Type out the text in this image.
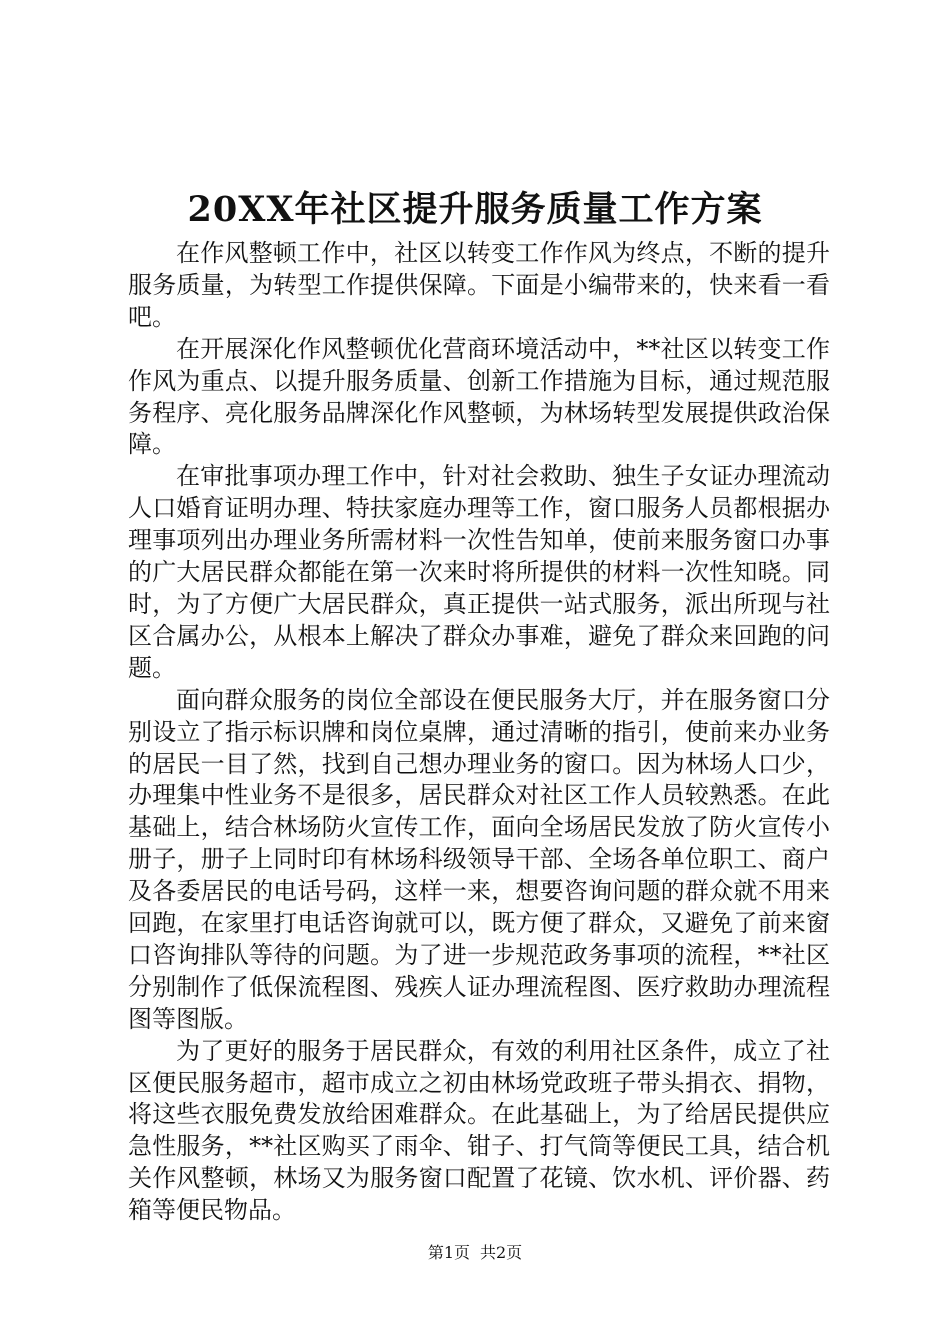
20XX年社区提升服务质量工作方案

在作风整顿工作中，社区以转变工作作风为终点，不断的提升服务质量，为转型工作提供保障。下面是小编带来的，快来看一看吧。

在开展深化作风整顿优化营商环境活动中，**社区以转变工作作风为重点、以提升服务质量、创新工作措施为目标，通过规范服务程序、亮化服务品牌深化作风整顿，为林场转型发展提供政治保障。

在审批事项办理工作中，针对社会救助、独生子女证办理流动人口婚育证明办理、特扶家庭办理等工作，窗口服务人员都根据办理事项列出办理业务所需材料一次性告知单，使前来服务窗口办事的广大居民群众都能在第一次来时将所提供的材料一次性知晓。同时，为了方便广大居民群众，真正提供一站式服务，派出所现与社区合属办公，从根本上解决了群众办事难，避免了群众来回跑的问题。

面向群众服务的岗位全部设在便民服务大厅，并在服务窗口分别设立了指示标识牌和岗位桌牌，通过清晰的指引，使前来办业务的居民一目了然，找到自己想办理业务的窗口。因为林场人口少，办理集中性业务不是很多，居民群众对社区工作人员较熟悉。在此基础上，结合林场防火宣传工作，面向全场居民发放了防火宣传小册子，册子上同时印有林场科级领导干部、全场各单位职工、商户及各委居民的电话号码，这样一来，想要咨询问题的群众就不用来回跑，在家里打电话咨询就可以，既方便了群众，又避免了前来窗口咨询排队等待的问题。为了进一步规范政务事项的流程，**社区分别制作了低保流程图、残疾人证办理流程图、医疗救助办理流程图等图版。

为了更好的服务于居民群众，有效的利用社区条件，成立了社区便民服务超市，超市成立之初由林场党政班子带头捐衣、捐物，将这些衣服免费发放给困难群众。在此基础上，为了给居民提供应急性服务，**社区购买了雨伞、钳子、打气筒等便民工具，结合机关作风整顿，林场又为服务窗口配置了花镜、饮水机、评价器、药箱等便民物品。

第1页 共2页
